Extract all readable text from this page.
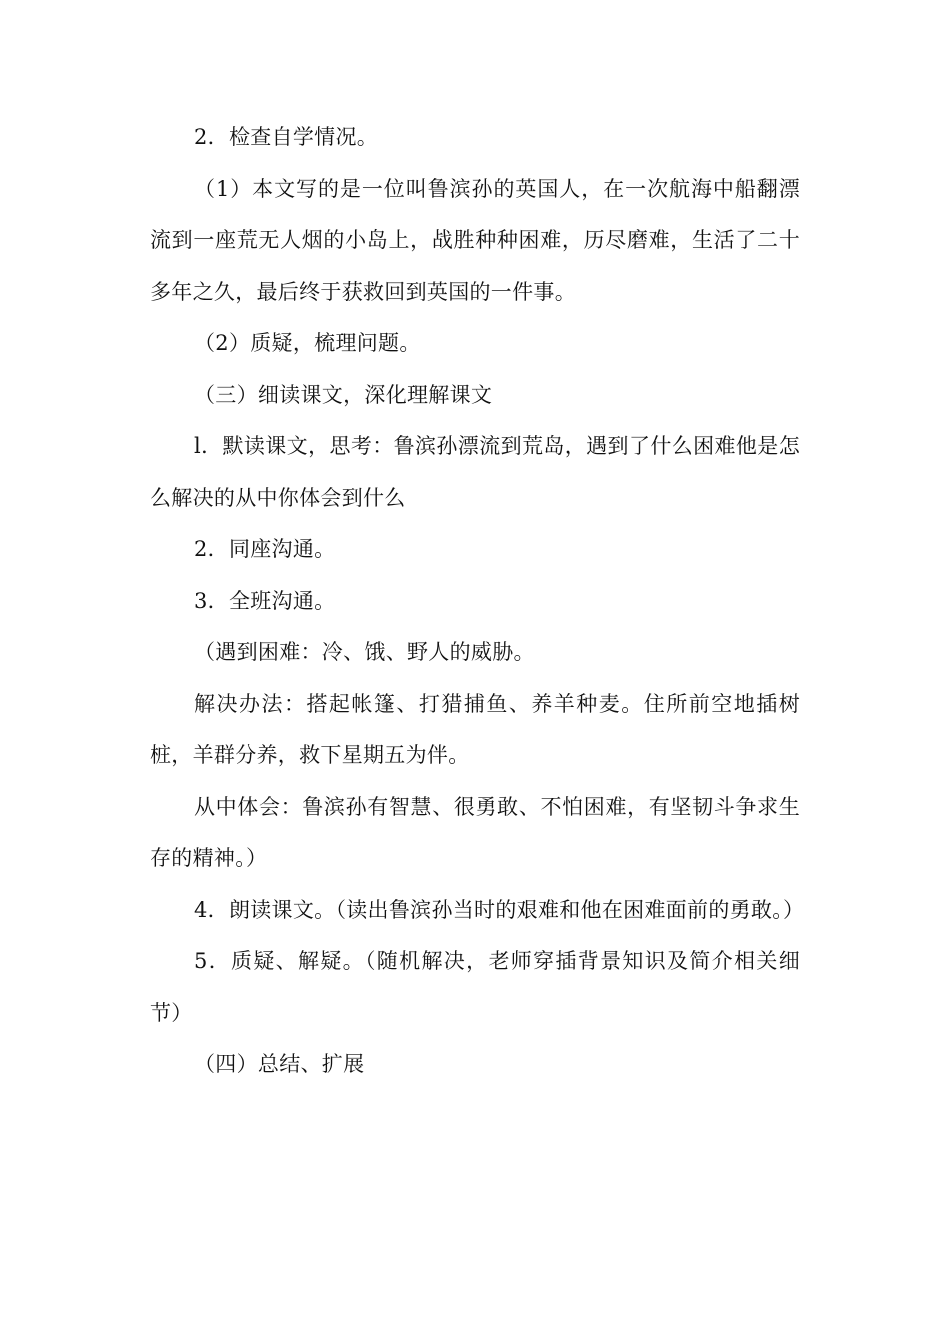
2．检查自学情况。

（1）本文写的是一位叫鲁滨孙的英国人，在一次航海中船翻漂流到一座荒无人烟的小岛上，战胜种种困难，历尽磨难，生活了二十多年之久，最后终于获救回到英国的一件事。

（2）质疑，梳理问题。

（三）细读课文，深化理解课文

l．默读课文，思考：鲁滨孙漂流到荒岛，遇到了什么困难他是怎么解决的从中你体会到什么

2．同座沟通。

3．全班沟通。

（遇到困难：冷、饿、野人的威胁。

解决办法：搭起帐篷、打猎捕鱼、养羊种麦。住所前空地插树桩，羊群分养，救下星期五为伴。

从中体会：鲁滨孙有智慧、很勇敢、不怕困难，有坚韧斗争求生存的精神。）

4．朗读课文。（读出鲁滨孙当时的艰难和他在困难面前的勇敢。）

5．质疑、解疑。（随机解决，老师穿插背景知识及简介相关细节）

（四）总结、扩展
